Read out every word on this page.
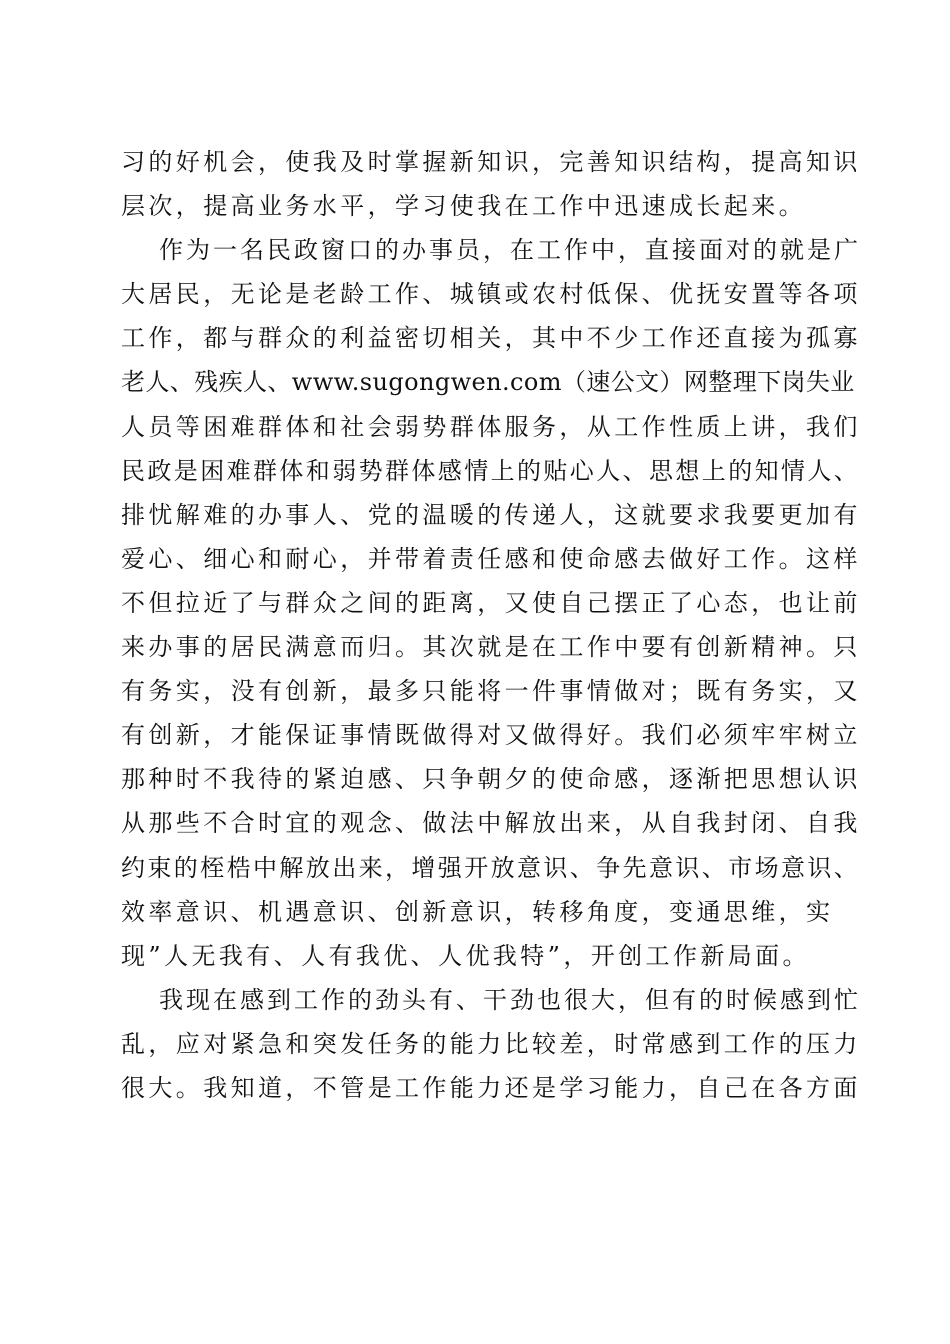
习的好机会，使我及时掌握新知识，完善知识结构，提高知识

层次，提高业务水平，学习使我在工作中迅速成长起来。

作为一名民政窗口的办事员，在工作中，直接面对的就是广

大居民，无论是老龄工作、城镇或农村低保、优抚安置等各项

工作，都与群众的利益密切相关，其中不少工作还直接为孤寡

老人、残疾人、www.sugongwen.com（速公文）网整理下岗失业

人员等困难群体和社会弱势群体服务，从工作性质上讲，我们

民政是困难群体和弱势群体感情上的贴心人、思想上的知情人、

排忧解难的办事人、党的温暖的传递人，这就要求我要更加有

爱心、细心和耐心，并带着责任感和使命感去做好工作。这样

不但拉近了与群众之间的距离，又使自己摆正了心态，也让前

来办事的居民满意而归。其次就是在工作中要有创新精神。只

有务实，没有创新，最多只能将一件事情做对；既有务实，又

有创新，才能保证事情既做得对又做得好。我们必须牢牢树立

那种时不我待的紧迫感、只争朝夕的使命感，逐渐把思想认识

从那些不合时宜的观念、做法中解放出来，从自我封闭、自我

约束的桎梏中解放出来，增强开放意识、争先意识、市场意识、

效率意识、机遇意识、创新意识，转移角度，变通思维，实

现”人无我有、人有我优、人优我特”，开创工作新局面。

我现在感到工作的劲头有、干劲也很大，但有的时候感到忙

乱，应对紧急和突发任务的能力比较差，时常感到工作的压力

很大。我知道，不管是工作能力还是学习能力，自己在各方面
